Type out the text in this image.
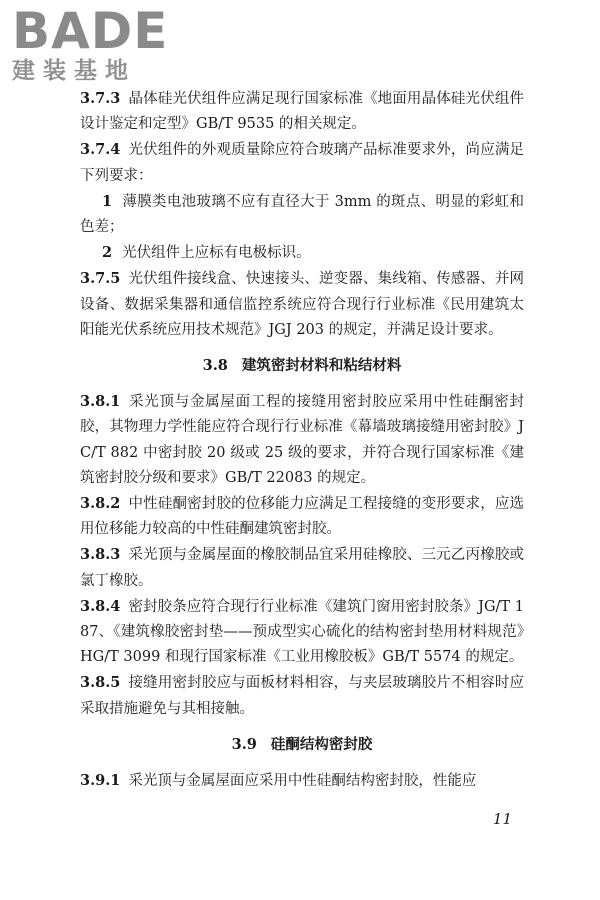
BADE
建装基地

3.7.3 晶体硅光伏组件应满足现行国家标准《地面用晶体硅光伏组件 设计鉴定和定型》GB/T 9535 的相关规定。

3.7.4 光伏组件的外观质量除应符合玻璃产品标准要求外，尚应满足下列要求：

1 薄膜类电池玻璃不应有直径大于 3mm 的斑点、明显的彩虹和色差；

2 光伏组件上应标有电极标识。

3.7.5 光伏组件接线盒、快速接头、逆变器、集线箱、传感器、并网设备、数据采集器和通信监控系统应符合现行行业标准《民用建筑太阳能光伏系统应用技术规范》JGJ 203 的规定，并满足设计要求。

3.8 建筑密封材料和粘结材料

3.8.1 采光顶与金属屋面工程的接缝用密封胶应采用中性硅酮密封胶，其物理力学性能应符合现行行业标准《幕墙玻璃接缝用密封胶》JC/T 882 中密封胶 20 级或 25 级的要求，并符合现行国家标准《建筑密封胶分级和要求》GB/T 22083 的规定。

3.8.2 中性硅酮密封胶的位移能力应满足工程接缝的变形要求，应选用位移能力较高的中性硅酮建筑密封胶。

3.8.3 采光顶与金属屋面的橡胶制品宜采用硅橡胶、三元乙丙橡胶或氯丁橡胶。

3.8.4 密封胶条应符合现行行业标准《建筑门窗用密封胶条》JG/T 187、《建筑橡胶密封垫——预成型实心硫化的结构密封垫用材料规范》HG/T 3099 和现行国家标准《工业用橡胶板》GB/T 5574 的规定。

3.8.5 接缝用密封胶应与面板材料相容，与夹层玻璃胶片不相容时应采取措施避免与其相接触。

3.9 硅酮结构密封胶

3.9.1 采光顶与金属屋面应采用中性硅酮结构密封胶，性能应

11
